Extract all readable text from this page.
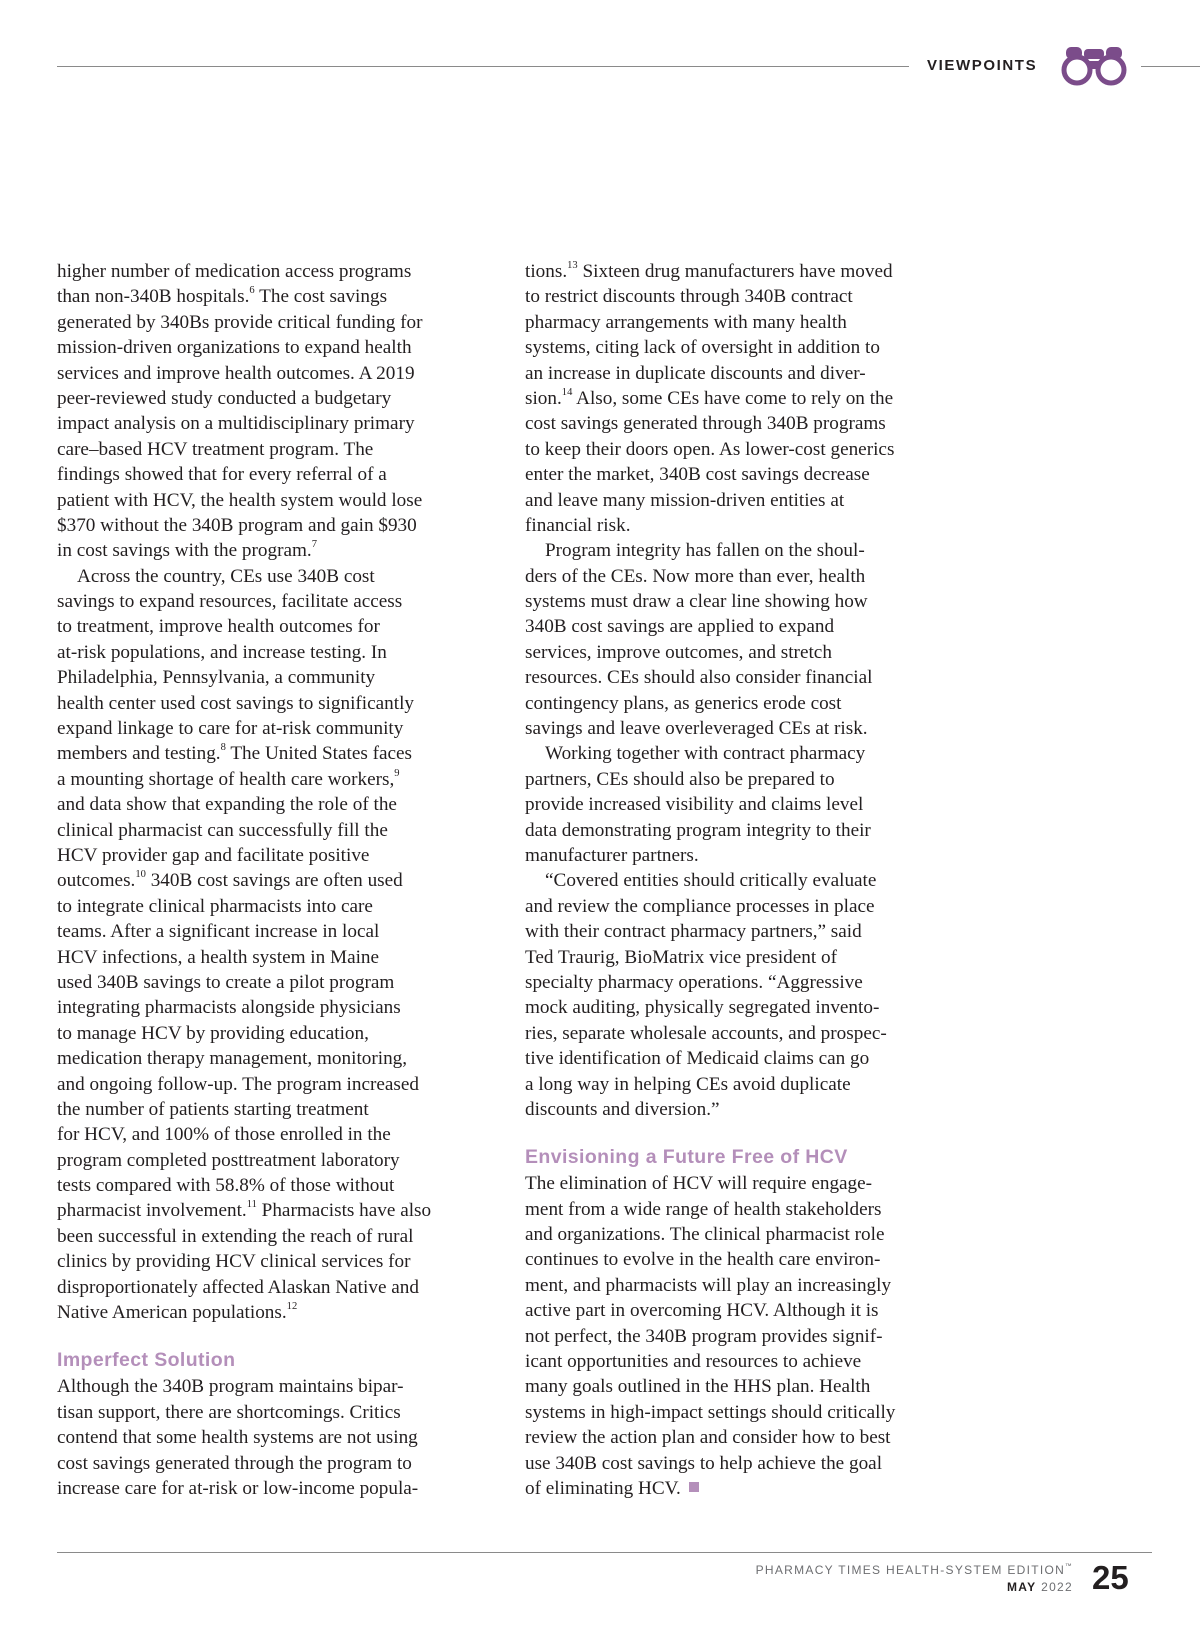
VIEWPOINTS
higher number of medication access programs
than non-340B hospitals.$^6$ The cost savings
generated by 340Bs provide critical funding for
mission-driven organizations to expand health
services and improve health outcomes. A 2019
peer-reviewed study conducted a budgetary
impact analysis on a multidisciplinary primary
care–based HCV treatment program. The
findings showed that for every referral of a
patient with HCV, the health system would lose
$370 without the 340B program and gain $930
in cost savings with the program.$^7$
Across the country, CEs use 340B cost
savings to expand resources, facilitate access
to treatment, improve health outcomes for
at-risk populations, and increase testing. In
Philadelphia, Pennsylvania, a community
health center used cost savings to significantly
expand linkage to care for at-risk community
members and testing.$^8$ The United States faces
a mounting shortage of health care workers,$^9$
and data show that expanding the role of the
clinical pharmacist can successfully fill the
HCV provider gap and facilitate positive
outcomes.$^{10}$ 340B cost savings are often used
to integrate clinical pharmacists into care
teams. After a significant increase in local
HCV infections, a health system in Maine
used 340B savings to create a pilot program
integrating pharmacists alongside physicians
to manage HCV by providing education,
medication therapy management, monitoring,
and ongoing follow-up. The program increased
the number of patients starting treatment
for HCV, and 100% of those enrolled in the
program completed posttreatment laboratory
tests compared with 58.8% of those without
pharmacist involvement.$^{11}$ Pharmacists have also
been successful in extending the reach of rural
clinics by providing HCV clinical services for
disproportionately affected Alaskan Native and
Native American populations.$^{12}$
Imperfect Solution
Although the 340B program maintains bipar-
tisan support, there are shortcomings. Critics
contend that some health systems are not using
cost savings generated through the program to
increase care for at-risk or low-income popula-
tions.$^{13}$ Sixteen drug manufacturers have moved
to restrict discounts through 340B contract
pharmacy arrangements with many health
systems, citing lack of oversight in addition to
an increase in duplicate discounts and diver-
sion.$^{14}$ Also, some CEs have come to rely on the
cost savings generated through 340B programs
to keep their doors open. As lower-cost generics
enter the market, 340B cost savings decrease
and leave many mission-driven entities at
financial risk.
Program integrity has fallen on the shoul-
ders of the CEs. Now more than ever, health
systems must draw a clear line showing how
340B cost savings are applied to expand
services, improve outcomes, and stretch
resources. CEs should also consider financial
contingency plans, as generics erode cost
savings and leave overleveraged CEs at risk.
Working together with contract pharmacy
partners, CEs should also be prepared to
provide increased visibility and claims level
data demonstrating program integrity to their
manufacturer partners.
“Covered entities should critically evaluate
and review the compliance processes in place
with their contract pharmacy partners,” said
Ted Traurig, BioMatrix vice president of
specialty pharmacy operations. “Aggressive
mock auditing, physically segregated invento-
ries, separate wholesale accounts, and prospec-
tive identification of Medicaid claims can go
a long way in helping CEs avoid duplicate
discounts and diversion.”
Envisioning a Future Free of HCV
The elimination of HCV will require engage-
ment from a wide range of health stakeholders
and organizations. The clinical pharmacist role
continues to evolve in the health care environ-
ment, and pharmacists will play an increasingly
active part in overcoming HCV. Although it is
not perfect, the 340B program provides signif-
icant opportunities and resources to achieve
many goals outlined in the HHS plan. Health
systems in high-impact settings should critically
review the action plan and consider how to best
use 340B cost savings to help achieve the goal
of eliminating HCV.
PHARMACY TIMES HEALTH-SYSTEM EDITION™
MAY 2022 25
